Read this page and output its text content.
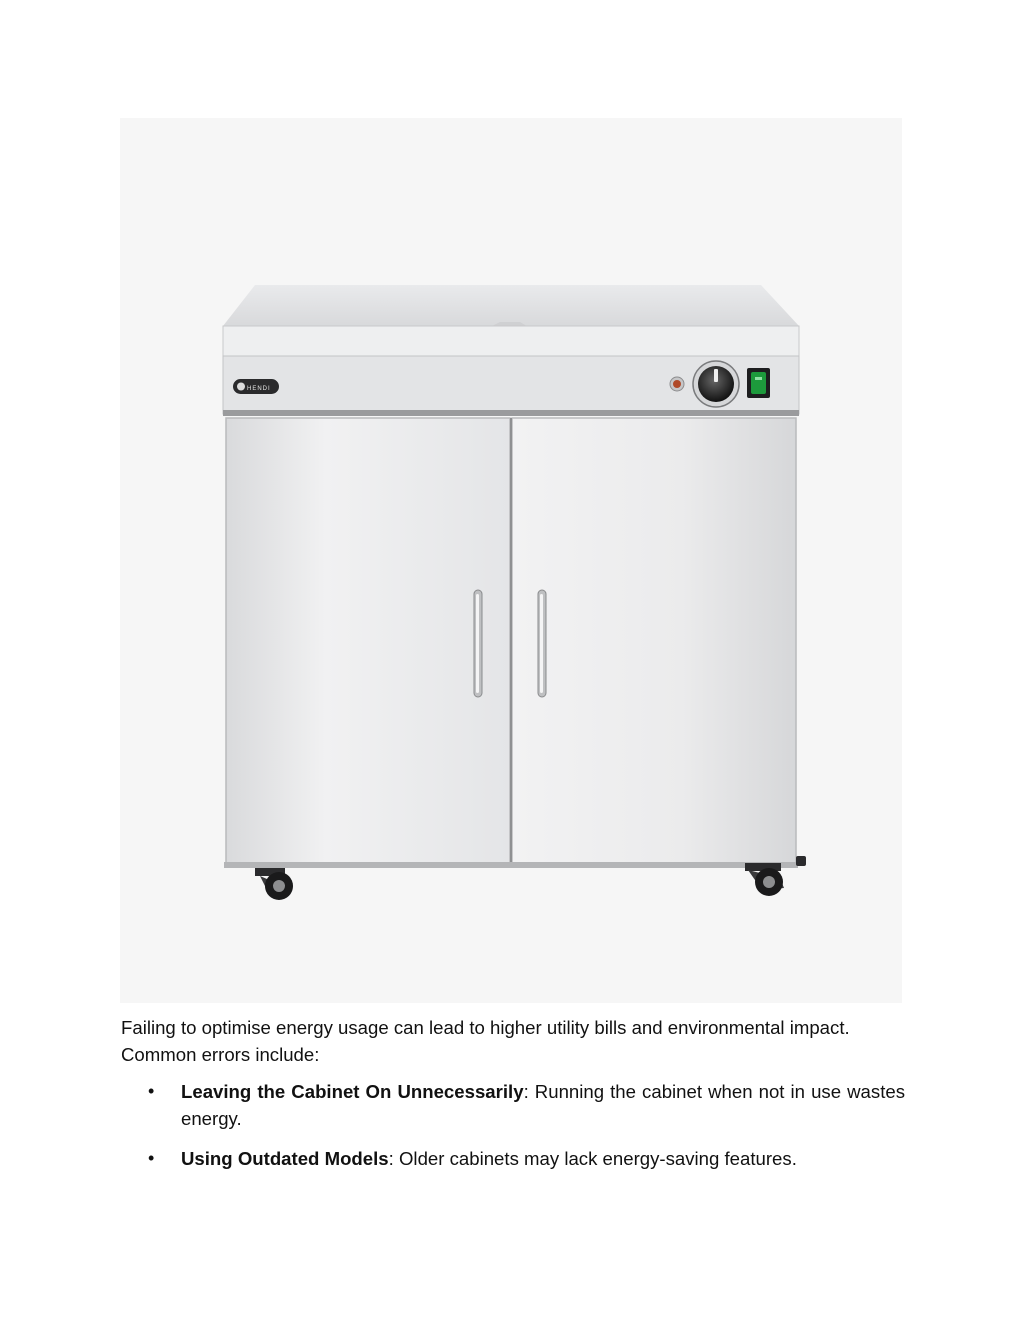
HENDI

Failing to optimise energy usage can lead to higher utility bills and environmental impact. Common errors include:

• Leaving the Cabinet On Unnecessarily: Running the cabinet when not in use wastes energy.
• Using Outdated Models: Older cabinets may lack energy-saving features.
